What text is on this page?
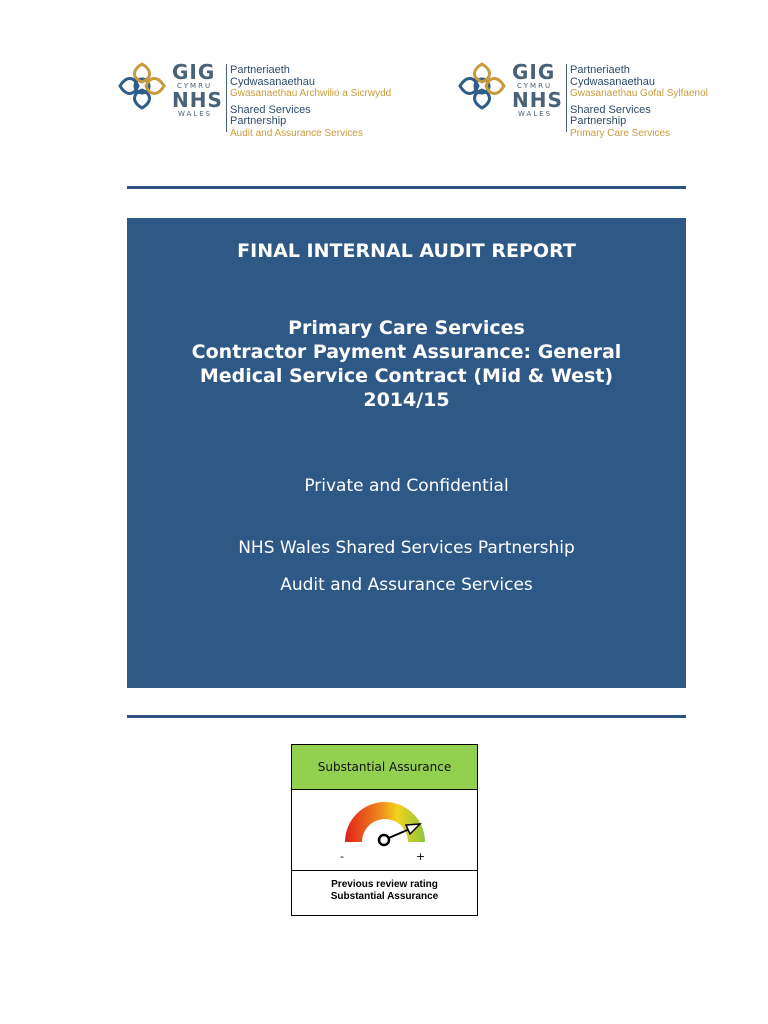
GIG
CYMRU
NHS
WALES
Partneriaeth
Cydwasanaethau
Gwasanaethau Archwilio a Sicrwydd
Shared Services
Partnership
Audit and Assurance Services
GIG
CYMRU
NHS
WALES
Partneriaeth
Cydwasanaethau
Gwasanaethau Gofal Sylfaenol
Shared Services
Partnership
Primary Care Services
FINAL INTERNAL AUDIT REPORT
Primary Care Services
Contractor Payment Assurance: General
Medical Service Contract (Mid & West)
2014/15
Private and Confidential
NHS Wales Shared Services Partnership
Audit and Assurance Services
Substantial Assurance
-	+
Previous review rating
Substantial Assurance
